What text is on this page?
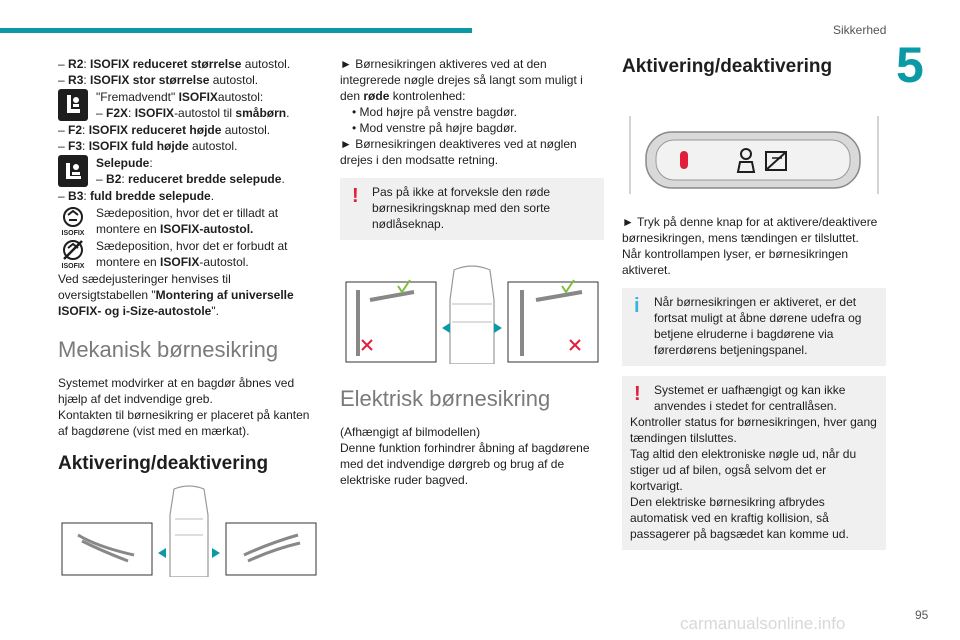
Sikkerhed
5

– R2: ISOFIX reduceret størrelse autostol.

– R3: ISOFIX stor størrelse autostol.

"Fremadvendt" ISOFIXautostol:

– F2X: ISOFIX-autostol til småbørn.

– F2: ISOFIX reduceret højde autostol.

– F3: ISOFIX fuld højde autostol.

Selepude:

– B2: reduceret bredde selepude.

– B3: fuld bredde selepude.

ISOFIX

Sædeposition, hvor det er tilladt at montere en ISOFIX-autostol.

ISOFIX

Sædeposition, hvor det er forbudt at montere en ISOFIX-autostol.

Ved sædejusteringer henvises til oversigtstabellen "Montering af universelle ISOFIX- og i-Size-autostole".

Mekanisk børnesikring

Systemet modvirker at en bagdør åbnes ved hjælp af det indvendige greb.

Kontakten til børnesikring er placeret på kanten af bagdørene (vist med en mærkat).

Aktivering/deaktivering

► Børnesikringen aktiveres ved at den integrerede nøgle drejes så langt som muligt i den røde kontrolenhed:

• Mod højre på venstre bagdør.

• Mod venstre på højre bagdør.

► Børnesikringen deaktiveres ved at nøglen drejes i den modsatte retning.

!	Pas på ikke at forveksle den røde børnesikringsknap med den sorte nødlåseknap.

Elektrisk børnesikring

(Afhængigt af bilmodellen)

Denne funktion forhindrer åbning af bagdørene med det indvendige dørgreb og brug af de elektriske ruder bagved.

Aktivering/deaktivering

► Tryk på denne knap for at aktivere/deaktivere børnesikringen, mens tændingen er tilsluttet.

Når kontrollampen lyser, er børnesikringen aktiveret.

i	Når børnesikringen er aktiveret, er det fortsat muligt at åbne dørene udefra og betjene elruderne i bagdørene via førerdørens betjeningspanel.

!	Systemet er uafhængigt og kan ikke anvendes i stedet for centrallåsen.

Kontroller status for børnesikringen, hver gang tændingen tilsluttes.

Tag altid den elektroniske nøgle ud, når du stiger ud af bilen, også selvom det er kortvarigt.

Den elektriske børnesikring afbrydes automatisk ved en kraftig kollision, så passagerer på bagsædet kan komme ud.

carmanualsonline.info	95
